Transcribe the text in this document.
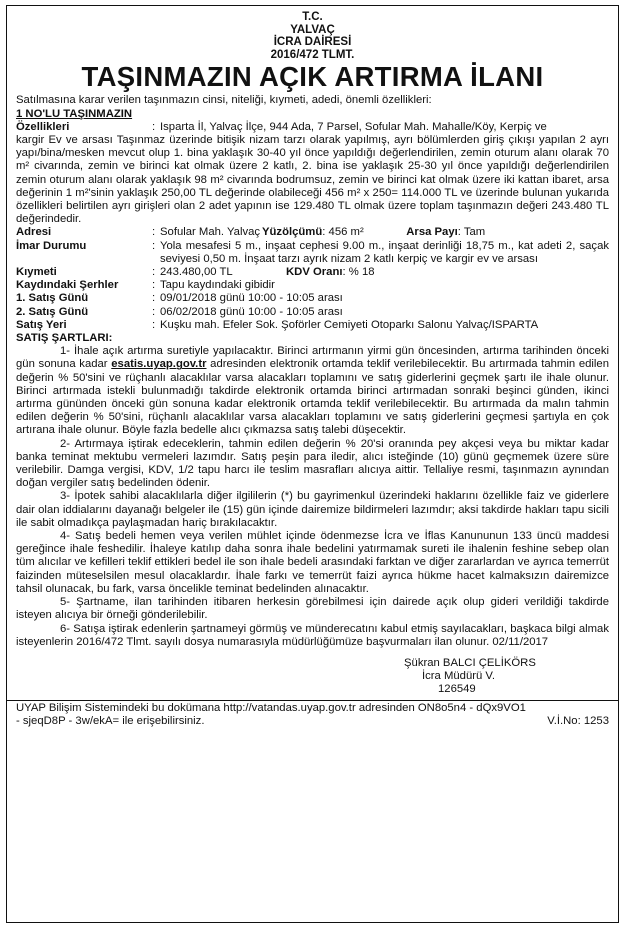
T.C.
YALVAÇ
İCRA DAİRESİ
2016/472 TLMT.
TAŞINMAZIN AÇIK ARTIRMA İLANI
Satılmasına karar verilen taşınmazın cinsi, niteliği, kıymeti, adedi, önemli özellikleri:
1 NO'LU TAŞINMAZIN
Özellikleri	: Isparta İl, Yalvaç İlçe, 944 Ada, 7 Parsel, Sofular Mah. Mahalle/Köy, Kerpiç ve
kargir Ev ve arsası Taşınmaz üzerinde bitişik nizam tarzı olarak yapılmış, ayrı bölümlerden giriş çıkışı yapılan 2 ayrı yapı/bina/mesken mevcut olup 1. bina yaklaşık 30-40 yıl önce yapıldığı değerlendirilen, zemin oturum alanı olarak 70 m² civarında, zemin ve birinci kat olmak üzere 2 katlı, 2. bina ise yaklaşık 25-30 yıl önce yapıldığı değerlendirilen zemin oturum alanı olarak yaklaşık 98 m² civarında bodrumsuz, zemin ve birinci kat olmak üzere iki kattan ibaret, arsa değerinin 1 m²'sinin yaklaşık 250,00 TL değerinde olabileceği 456 m² x 250= 114.000 TL ve üzerinde bulunan yukarıda özellikleri belirtilen ayrı girişleri olan 2 adet yapının ise 129.480 TL olmak üzere toplam taşınmazın değeri 243.480 TL değerindedir.
Adresi	: Sofular Mah. Yalvaç Yüzölçümü: 456 m²	Arsa Payı: Tam
İmar Durumu	: Yola mesafesi 5 m., inşaat cephesi 9.00 m., inşaat derinliği 18,75 m., kat adeti 2, saçak seviyesi 0,50 m. İnşaat tarzı ayrık nizam 2 katlı kerpiç ve kargir ev ve arsası
Kıymeti	: 243.480,00 TL	KDV Oranı: % 18
Kaydındaki Şerhler	: Tapu kaydındaki gibidir
1. Satış Günü	: 09/01/2018 günü 10:00 - 10:05 arası
2. Satış Günü	: 06/02/2018 günü 10:00 - 10:05 arası
Satış Yeri	: Kuşku mah. Efeler Sok. Şoförler Cemiyeti Otoparkı Salonu Yalvaç/ISPARTA
SATIŞ ŞARTLARI:
1- İhale açık artırma suretiyle yapılacaktır. Birinci artırmanın yirmi gün öncesinden, artırma tarihinden önceki gün sonuna kadar esatis.uyap.gov.tr adresinden elektronik ortamda teklif verilebilecektir. Bu artırmada tahmin edilen değerin % 50'sini ve rüçhanlı alacaklılar varsa alacakları toplamını ve satış giderlerini geçmek şartı ile ihale olunur. Birinci artırmada istekli bulunmadığı takdirde elektronik ortamda birinci artırmadan sonraki beşinci günden, ikinci artırma gününden önceki gün sonuna kadar elektronik ortamda teklif verilebilecektir. Bu artırmada da malın tahmin edilen değerin % 50'sini, rüçhanlı alacaklılar varsa alacakları toplamını ve satış giderlerini geçmesi şartıyla en çok artırana ihale olunur. Böyle fazla bedelle alıcı çıkmazsa satış talebi düşecektir.
2- Artırmaya iştirak edeceklerin, tahmin edilen değerin % 20'si oranında pey akçesi veya bu miktar kadar banka teminat mektubu vermeleri lazımdır. Satış peşin para iledir, alıcı isteğinde (10) günü geçmemek üzere süre verilebilir. Damga vergisi, KDV, 1/2 tapu harcı ile teslim masrafları alıcıya aittir. Tellaliye resmi, taşınmazın aynından doğan vergiler satış bedelinden ödenir.
3- İpotek sahibi alacaklılarla diğer ilgililerin (*) bu gayrimenkul üzerindeki haklarını özellikle faiz ve giderlere dair olan iddialarını dayanağı belgeler ile (15) gün içinde dairemize bildirmeleri lazımdır; aksi takdirde hakları tapu sicili ile sabit olmadıkça paylaşmadan hariç bırakılacaktır.
4- Satış bedeli hemen veya verilen mühlet içinde ödenmezse İcra ve İflas Kanununun 133 üncü maddesi gereğince ihale feshedilir. İhaleye katılıp daha sonra ihale bedelini yatırmamak sureti ile ihalenin feshine sebep olan tüm alıcılar ve kefilleri teklif ettikleri bedel ile son ihale bedeli arasındaki farktan ve diğer zararlardan ve ayrıca temerrüt faizinden müteselsilen mesul olacaklardır. İhale farkı ve temerrüt faizi ayrıca hükme hacet kalmaksızın dairemizce tahsil olunacak, bu fark, varsa öncelikle teminat bedelinden alınacaktır.
5- Şartname, ilan tarihinden itibaren herkesin görebilmesi için dairede açık olup gideri verildiği takdirde isteyen alıcıya bir örneği gönderilebilir.
6- Satışa iştirak edenlerin şartnameyi görmüş ve münderecatını kabul etmiş sayılacakları, başkaca bilgi almak isteyenlerin 2016/472 Tlmt. sayılı dosya numarasıyla müdürlüğümüze başvurmaları ilan olunur. 02/11/2017
Şükran BALCI ÇELİKÖRS
İcra Müdürü V.
126549
UYAP Bilişim Sistemindeki bu dokümana http://vatandas.uyap.gov.tr adresinden ON8o5n4 - dQx9VO1
V.İ.No: 1253
- sjeqD8P - 3w/ekA= ile erişebilirsiniz.
